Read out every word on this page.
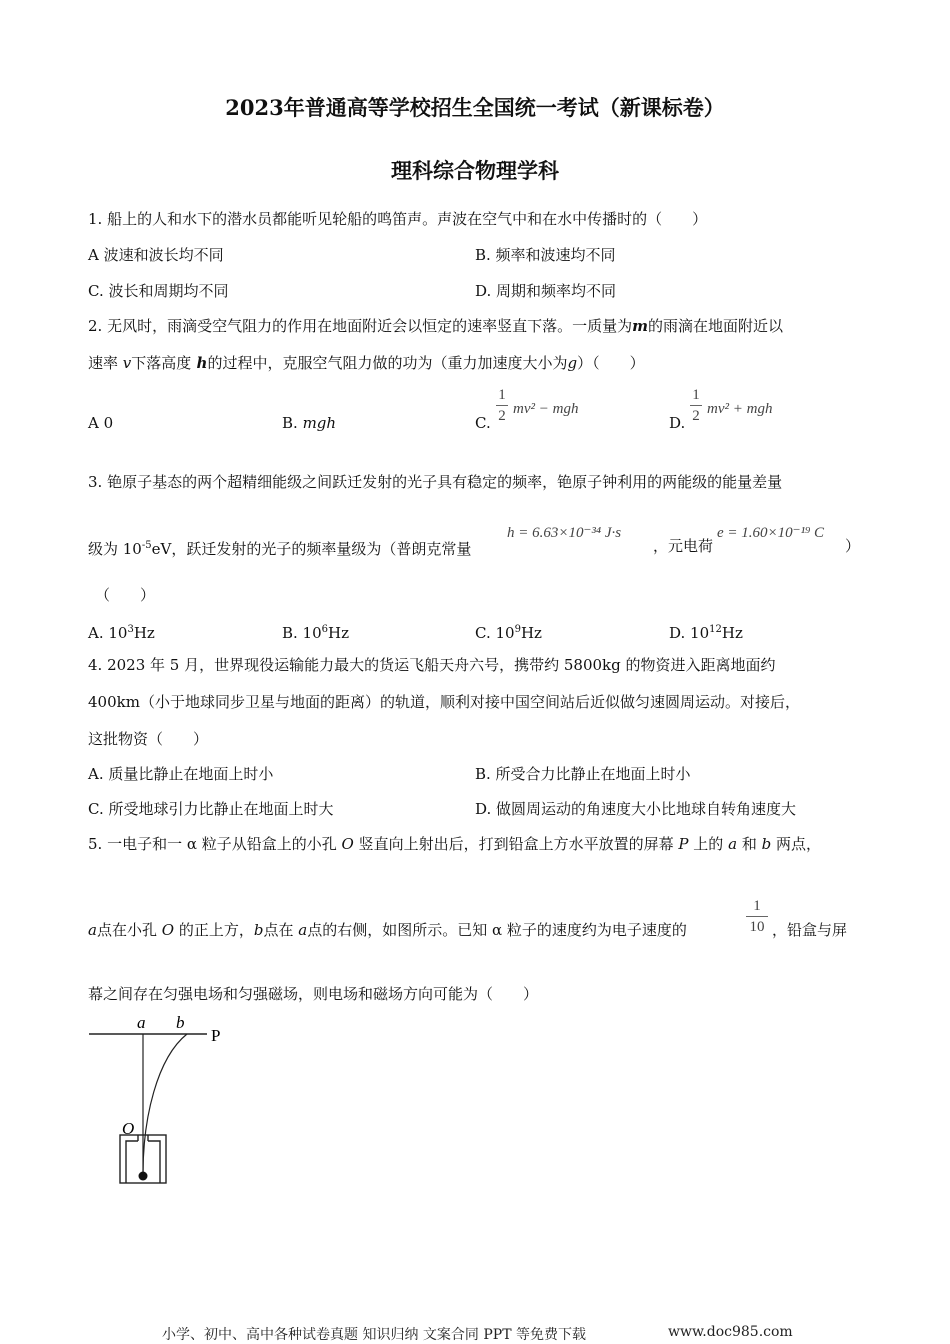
2023年普通高等学校招生全国统一考试（新课标卷）
理科综合物理学科
1. 船上的人和水下的潜水员都能听见轮船的鸣笛声。声波在空气中和在水中传播时的（　　）
A 波速和波长均不同	B. 频率和波速均不同
C. 波长和周期均不同	D. 周期和频率均不同
2. 无风时，雨滴受空气阻力的作用在地面附近会以恒定的速率竖直下落。一质量为m的雨滴在地面附近以
速率 v下落高度 h的过程中，克服空气阻力做的功为（重力加速度大小为g）（　　）
A 0	B. mgh	C.
1
2 mv² − mgh
D.
1
2 mv² + mgh
3. 铯原子基态的两个超精细能级之间跃迁发射的光子具有稳定的频率，铯原子钟利用的两能级的能量差量
级为 $10^{-5}eV$，跃迁发射的光子的频率量级为（普朗克常量
h = 6.63×10⁻³⁴ J·s
，元电荷
e = 1.60×10⁻¹⁹ C
）
（　　）
A. $10^3Hz$	B. $10^6Hz$	C. $10^9Hz$	D. $10^{12}Hz$
4. 2023 年 5 月，世界现役运输能力最大的货运飞船天舟六号，携带约 5800kg 的物资进入距离地面约
400km（小于地球同步卫星与地面的距离）的轨道，顺利对接中国空间站后近似做匀速圆周运动。对接后，
这批物资（　　）
A. 质量比静止在地面上时小	B. 所受合力比静止在地面上时小
C. 所受地球引力比静止在地面上时大	D. 做圆周运动的角速度大小比地球自转角速度大
5. 一电子和一 α 粒子从铅盒上的小孔 O 竖直向上射出后，打到铅盒上方水平放置的屏幕 P 上的 a 和 b 两点，
a点在小孔 O 的正上方，b点在 a点的右侧，如图所示。已知 α 粒子的速度约为电子速度的
1
10 ，铅盒与屏
幕之间存在匀强电场和匀强磁场，则电场和磁场方向可能为（　　）
a b
P
O
小学、初中、高中各种试卷真题 知识归纳 文案合同 PPT 等免费下载	www.doc985.com
